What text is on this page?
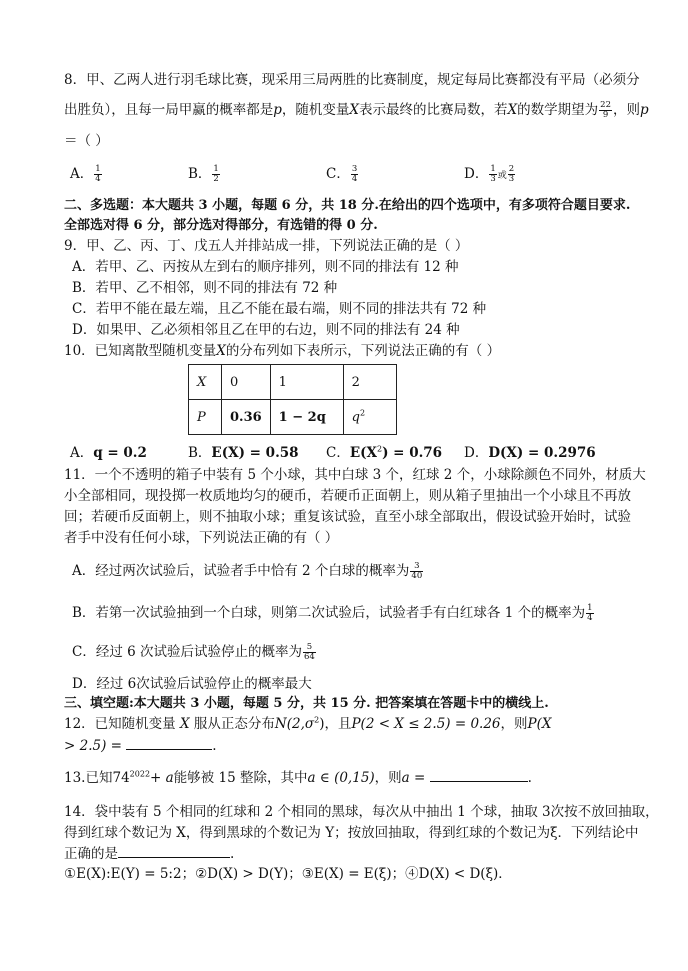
8．甲、乙两人进行羽毛球比赛，现采用三局两胜的比赛制度，规定每局比赛都没有平局（必须分
出胜负），且每一局甲赢的概率都是p，随机变量X表示最终的比赛局数，若X的数学期望为 $\frac{22}{9}$ ，则p
＝（ ）
A． $\frac{1}{4}$	B． $\frac{1}{2}$	C． $\frac{3}{4}$	D． $\frac{1}{3}$ 或 $\frac{2}{3}$
二、多选题：本大题共 3 小题，每题 6 分，共 18 分.在给出的四个选项中，有多项符合题目要求.
全部选对得 6 分，部分选对得部分，有选错的得 0 分.
9．甲、乙、丙、丁、戊五人并排站成一排，下列说法正确的是（ ）
A．若甲、乙、丙按从左到右的顺序排列，则不同的排法有 12 种
B．若甲、乙不相邻，则不同的排法有 72 种
C．若甲不能在最左端，且乙不能在最右端，则不同的排法共有 72 种
D．如果甲、乙必须相邻且乙在甲的右边，则不同的排法有 24 种
10．已知离散型随机变量X的分布列如下表所示，下列说法正确的有（ ）
X	0	1	2
P	0.36	1 − 2q	$q^2$
A．q = 0.2	B．E(X) = 0.58 C．$E(X^2) = 0.76$ D．D(X) = 0.2976
11．一个不透明的箱子中装有 5 个小球，其中白球 3 个，红球 2 个，小球除颜色不同外，材质大
小全部相同，现投掷一枚质地均匀的硬币，若硬币正面朝上，则从箱子里抽出一个小球且不再放
回；若硬币反面朝上，则不抽取小球；重复该试验，直至小球全部取出，假设试验开始时，试验
者手中没有任何小球，下列说法正确的有（ ）
A．经过两次试验后，试验者手中恰有 2 个白球的概率为 $\frac{3}{40}$
B．若第一次试验抽到一个白球，则第二次试验后，试验者手有白红球各 1 个的概率为 $\frac{1}{4}$
C．经过 6 次试验后试验停止的概率为 $\frac{5}{64}$
D．经过 6次试验后试验停止的概率最大
三、填空题:本大题共 3 小题，每题 5 分，共 15 分. 把答案填在答题卡中的横线上.
12．已知随机变量 X 服从正态分布$N(2,\sigma^2)$，且P(2 < X ≤ 2.5) = 0.26，则P(X
> 2.5) =	.
13.已知$74^{2022}+ a$能够被 15 整除，其中a ∈ (0,15)，则a =	.
14．袋中装有 5 个相同的红球和 2 个相同的黑球，每次从中抽出 1 个球，抽取 3次按不放回抽取，
得到红球个数记为 X，得到黑球的个数记为 Y；按放回抽取，得到红球的个数记为ξ．下列结论中
正确的是	.
①E(X):E(Y) = 5:2；②D(X) > D(Y)；③E(X) = E(ξ)；④D(X) < D(ξ)．
